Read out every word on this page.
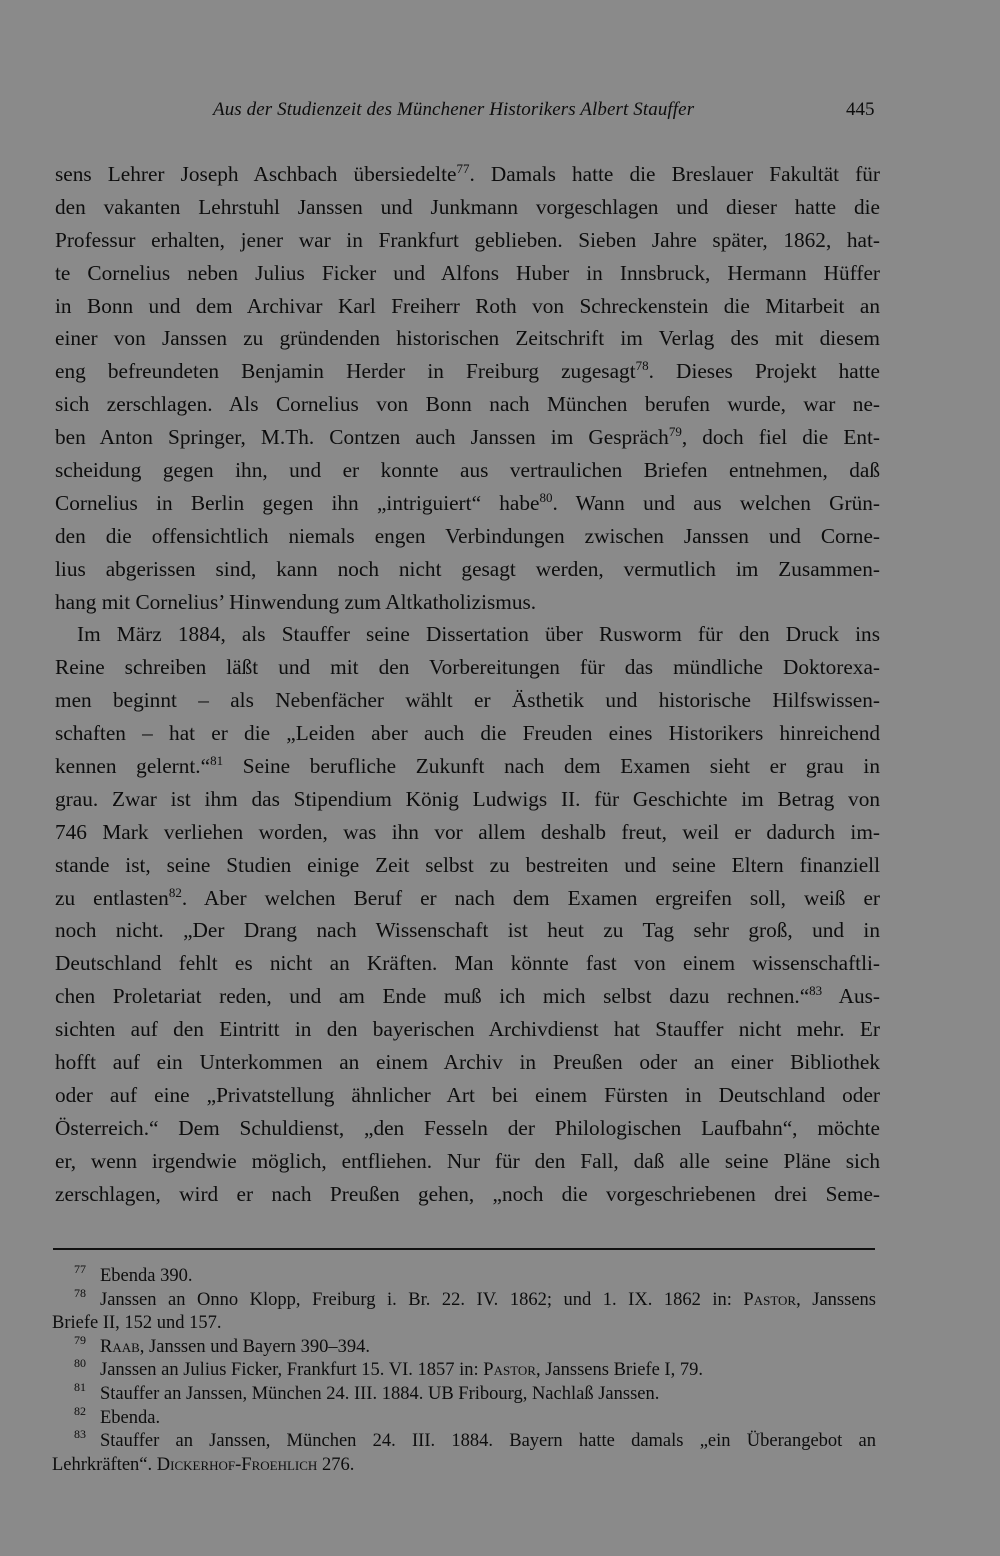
Aus der Studienzeit des Münchener Historikers Albert Stauffer	445
sens Lehrer Joseph Aschbach übersiedelte$^{77}$. Damals hatte die Breslauer Fakultät für
den vakanten Lehrstuhl Janssen und Junkmann vorgeschlagen und dieser hatte die
Professur erhalten, jener war in Frankfurt geblieben. Sieben Jahre später, 1862, hat-
te Cornelius neben Julius Ficker und Alfons Huber in Innsbruck, Hermann Hüffer
in Bonn und dem Archivar Karl Freiherr Roth von Schreckenstein die Mitarbeit an
einer von Janssen zu gründenden historischen Zeitschrift im Verlag des mit diesem
eng befreundeten Benjamin Herder in Freiburg zugesagt$^{78}$. Dieses Projekt hatte
sich zerschlagen. Als Cornelius von Bonn nach München berufen wurde, war ne-
ben Anton Springer, M.Th. Contzen auch Janssen im Gespräch$^{79}$, doch fiel die Ent-
scheidung gegen ihn, und er konnte aus vertraulichen Briefen entnehmen, daß
Cornelius in Berlin gegen ihn „intriguiert“ habe$^{80}$. Wann und aus welchen Grün-
den die offensichtlich niemals engen Verbindungen zwischen Janssen und Corne-
lius abgerissen sind, kann noch nicht gesagt werden, vermutlich im Zusammen-
hang mit Cornelius’ Hinwendung zum Altkatholizismus.
Im März 1884, als Stauffer seine Dissertation über Rusworm für den Druck ins
Reine schreiben läßt und mit den Vorbereitungen für das mündliche Doktorexa-
men beginnt – als Nebenfächer wählt er Ästhetik und historische Hilfswissen-
schaften – hat er die „Leiden aber auch die Freuden eines Historikers hinreichend
kennen gelernt.“$^{81}$ Seine berufliche Zukunft nach dem Examen sieht er grau in
grau. Zwar ist ihm das Stipendium König Ludwigs II. für Geschichte im Betrag von
746 Mark verliehen worden, was ihn vor allem deshalb freut, weil er dadurch im-
stande ist, seine Studien einige Zeit selbst zu bestreiten und seine Eltern finanziell
zu entlasten$^{82}$. Aber welchen Beruf er nach dem Examen ergreifen soll, weiß er
noch nicht. „Der Drang nach Wissenschaft ist heut zu Tag sehr groß, und in
Deutschland fehlt es nicht an Kräften. Man könnte fast von einem wissenschaftli-
chen Proletariat reden, und am Ende muß ich mich selbst dazu rechnen.“$^{83}$ Aus-
sichten auf den Eintritt in den bayerischen Archivdienst hat Stauffer nicht mehr. Er
hofft auf ein Unterkommen an einem Archiv in Preußen oder an einer Bibliothek
oder auf eine „Privatstellung ähnlicher Art bei einem Fürsten in Deutschland oder
Österreich.“ Dem Schuldienst, „den Fesseln der Philologischen Laufbahn“, möchte
er, wenn irgendwie möglich, entfliehen. Nur für den Fall, daß alle seine Pläne sich
zerschlagen, wird er nach Preußen gehen, „noch die vorgeschriebenen drei Seme-
77 Ebenda 390.
78 Janssen an Onno Klopp, Freiburg i. Br. 22. IV. 1862; und 1. IX. 1862 in: Pastor, Janssens
Briefe II, 152 und 157.
79 Raab, Janssen und Bayern 390–394.
80 Janssen an Julius Ficker, Frankfurt 15. VI. 1857 in: Pastor, Janssens Briefe I, 79.
81 Stauffer an Janssen, München 24. III. 1884. UB Fribourg, Nachlaß Janssen.
82 Ebenda.
83 Stauffer an Janssen, München 24. III. 1884. Bayern hatte damals „ein Überangebot an
Lehrkräften“. Dickerhof-Froehlich 276.
